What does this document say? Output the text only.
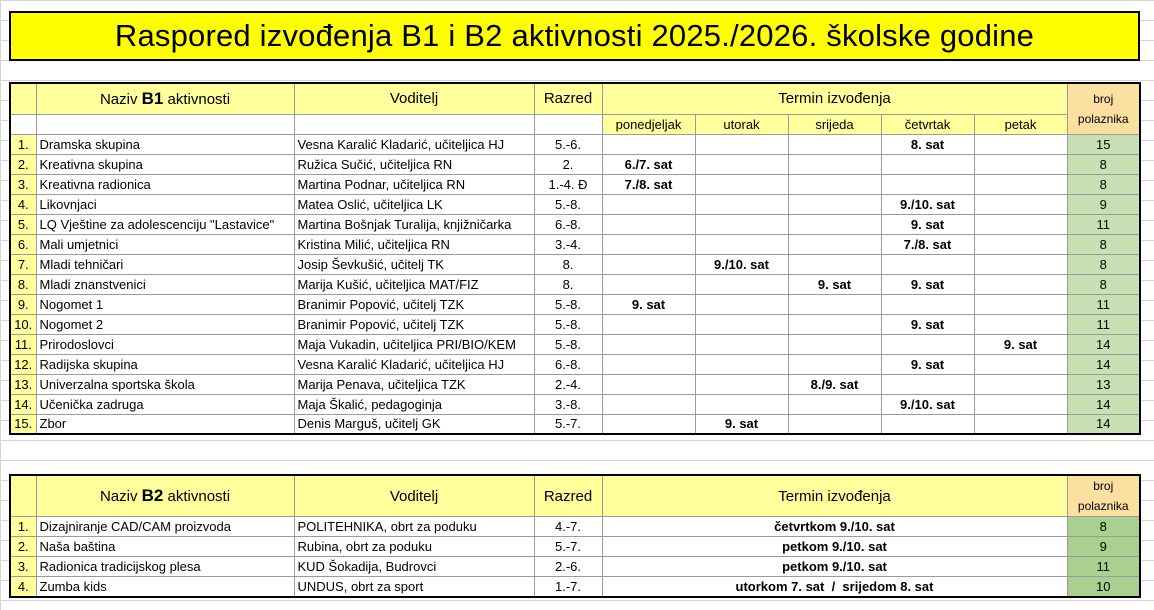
Raspored izvođenja B1 i B2 aktivnosti 2025./2026. školske godine
	Naziv B1 aktivnosti	Voditelj	Razred	Termin izvođenja					broj
polaznika
				ponedjeljak	utorak	srijeda	četvrtak	petak	
1.	Dramska skupina	Vesna Karalić Kladarić, učiteljica HJ	5.-6.				8. sat		15
2.	Kreativna skupina	Ružica Sučić, učiteljica RN	2.	6./7. sat					8
3.	Kreativna radionica	Martina Podnar, učiteljica RN	1.-4. Đ	7./8. sat					8
4.	Likovnjaci	Matea Oslić, učiteljica LK	5.-8.				9./10. sat		9
5.	LQ Vještine za adolescenciju "Lastavice"	Martina Bošnjak Turalija, knjižničarka	6.-8.				9. sat		11
6.	Mali umjetnici	Kristina Milić, učiteljica RN	3.-4.				7./8. sat		8
7.	Mladi tehničari	Josip Ševkušić, učitelj TK	8.		9./10. sat				8
8.	Mladi znanstvenici	Marija Kušić, učiteljica MAT/FIZ	8.			9. sat	9. sat		8
9.	Nogomet 1	Branimir Popović, učitelj TZK	5.-8.	9. sat					11
10.	Nogomet 2	Branimir Popović, učitelj TZK	5.-8.				9. sat		11
11.	Prirodoslovci	Maja Vukadin, učiteljica PRI/BIO/KEM	5.-8.					9. sat	14
12.	Radijska skupina	Vesna Karalić Kladarić, učiteljica HJ	6.-8.				9. sat		14
13.	Univerzalna sportska škola	Marija Penava, učiteljica TZK	2.-4.			8./9. sat			13
14.	Učenička zadruga	Maja Škalić, pedagoginja	3.-8.				9./10. sat		14
15.	Zbor	Denis Marguš, učitelj GK	5.-7.		9. sat				14
	Naziv B2 aktivnosti	Voditelj	Razred	Termin izvođenja	broj
polaznika
1.	Dizajniranje CAD/CAM proizvoda	POLITEHNIKA, obrt za poduku	4.-7.	četvrtkom 9./10. sat	8
2.	Naša baština	Rubina, obrt za poduku	5.-7.	petkom 9./10. sat	9
3.	Radionica tradicijskog plesa	KUD Šokadija, Budrovci	2.-6.	petkom 9./10. sat	11
4.	Zumba kids	UNDUS, obrt za sport	1.-7.	utorkom 7. sat  /  srijedom 8. sat	10
